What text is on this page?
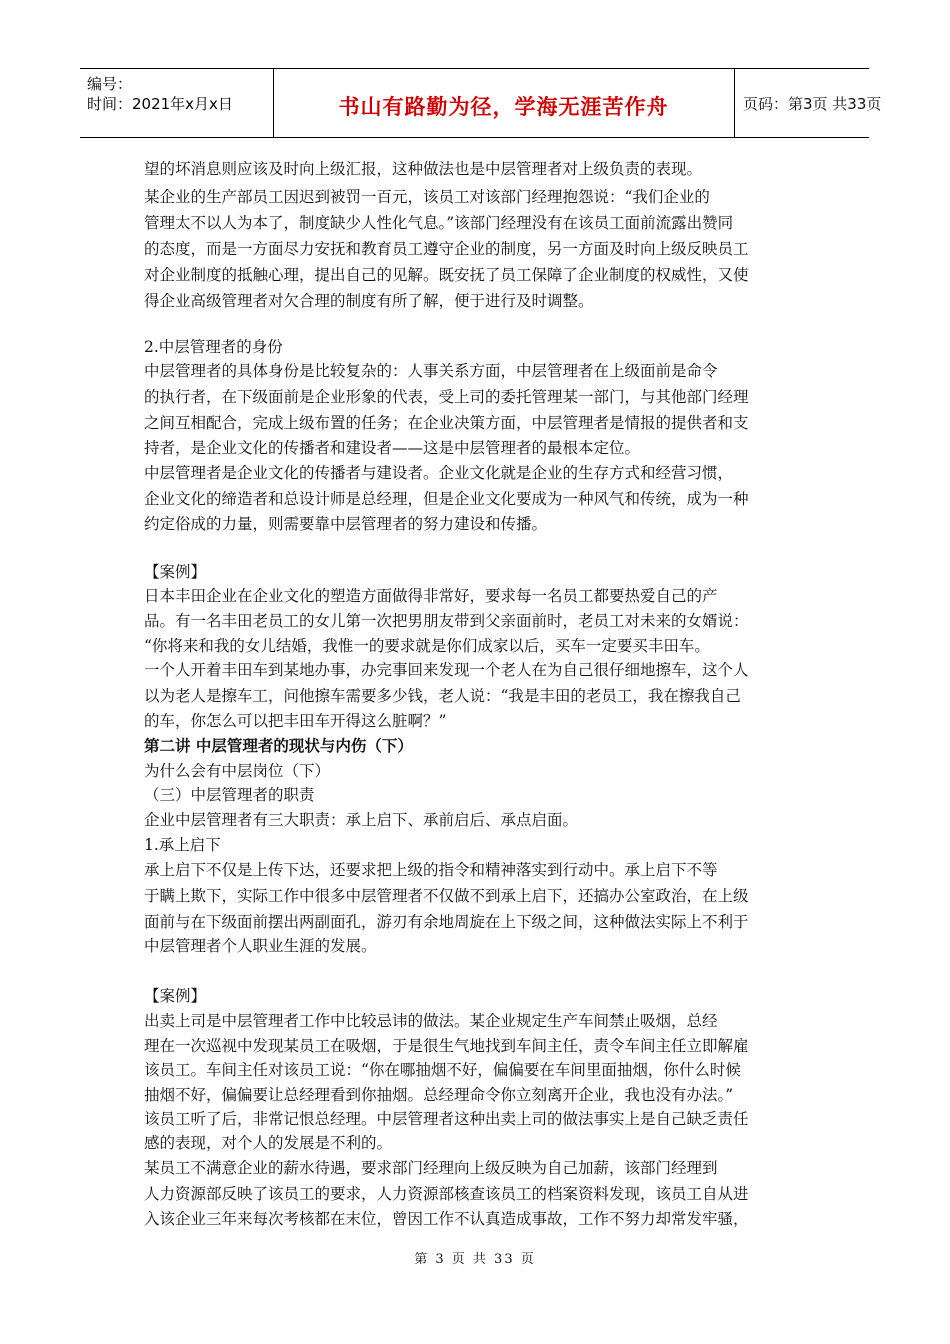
编号：
时间：2021年x月x日	书山有路勤为径，学海无涯苦作舟	页码：第3页 共33页
望的坏消息则应该及时向上级汇报，这种做法也是中层管理者对上级负责的表现。
某企业的生产部员工因迟到被罚一百元，该员工对该部门经理抱怨说：“我们企业的
管理太不以人为本了，制度缺少人性化气息。”该部门经理没有在该员工面前流露出赞同
的态度，而是一方面尽力安抚和教育员工遵守企业的制度，另一方面及时向上级反映员工
对企业制度的抵触心理，提出自己的见解。既安抚了员工保障了企业制度的权威性，又使
得企业高级管理者对欠合理的制度有所了解，便于进行及时调整。
2.中层管理者的身份
中层管理者的具体身份是比较复杂的：人事关系方面，中层管理者在上级面前是命令
的执行者，在下级面前是企业形象的代表，受上司的委托管理某一部门，与其他部门经理
之间互相配合，完成上级布置的任务；在企业决策方面，中层管理者是情报的提供者和支
持者，是企业文化的传播者和建设者——这是中层管理者的最根本定位。
中层管理者是企业文化的传播者与建设者。企业文化就是企业的生存方式和经营习惯，
企业文化的缔造者和总设计师是总经理，但是企业文化要成为一种风气和传统，成为一种
约定俗成的力量，则需要靠中层管理者的努力建设和传播。
【案例】
日本丰田企业在企业文化的塑造方面做得非常好，要求每一名员工都要热爱自己的产
品。有一名丰田老员工的女儿第一次把男朋友带到父亲面前时，老员工对未来的女婿说：
“你将来和我的女儿结婚，我惟一的要求就是你们成家以后，买车一定要买丰田车。
一个人开着丰田车到某地办事，办完事回来发现一个老人在为自己很仔细地擦车，这个人
以为老人是擦车工，问他擦车需要多少钱，老人说：“我是丰田的老员工，我在擦我自己
的车，你怎么可以把丰田车开得这么脏啊？”
第二讲 中层管理者的现状与内伤（下）
为什么会有中层岗位（下）
（三）中层管理者的职责
企业中层管理者有三大职责：承上启下、承前启后、承点启面。
1.承上启下
承上启下不仅是上传下达，还要求把上级的指令和精神落实到行动中。承上启下不等
于瞒上欺下，实际工作中很多中层管理者不仅做不到承上启下，还搞办公室政治，在上级
面前与在下级面前摆出两副面孔，游刃有余地周旋在上下级之间，这种做法实际上不利于
中层管理者个人职业生涯的发展。
【案例】
出卖上司是中层管理者工作中比较忌讳的做法。某企业规定生产车间禁止吸烟，总经
理在一次巡视中发现某员工在吸烟，于是很生气地找到车间主任，责令车间主任立即解雇
该员工。车间主任对该员工说：“你在哪抽烟不好，偏偏要在车间里面抽烟，你什么时候
抽烟不好，偏偏要让总经理看到你抽烟。总经理命令你立刻离开企业，我也没有办法。”
该员工听了后，非常记恨总经理。中层管理者这种出卖上司的做法事实上是自己缺乏责任
感的表现，对个人的发展是不利的。
某员工不满意企业的薪水待遇，要求部门经理向上级反映为自己加薪，该部门经理到
人力资源部反映了该员工的要求，人力资源部核查该员工的档案资料发现，该员工自从进
入该企业三年来每次考核都在末位，曾因工作不认真造成事故，工作不努力却常发牢骚，
第 3 页 共 33 页
